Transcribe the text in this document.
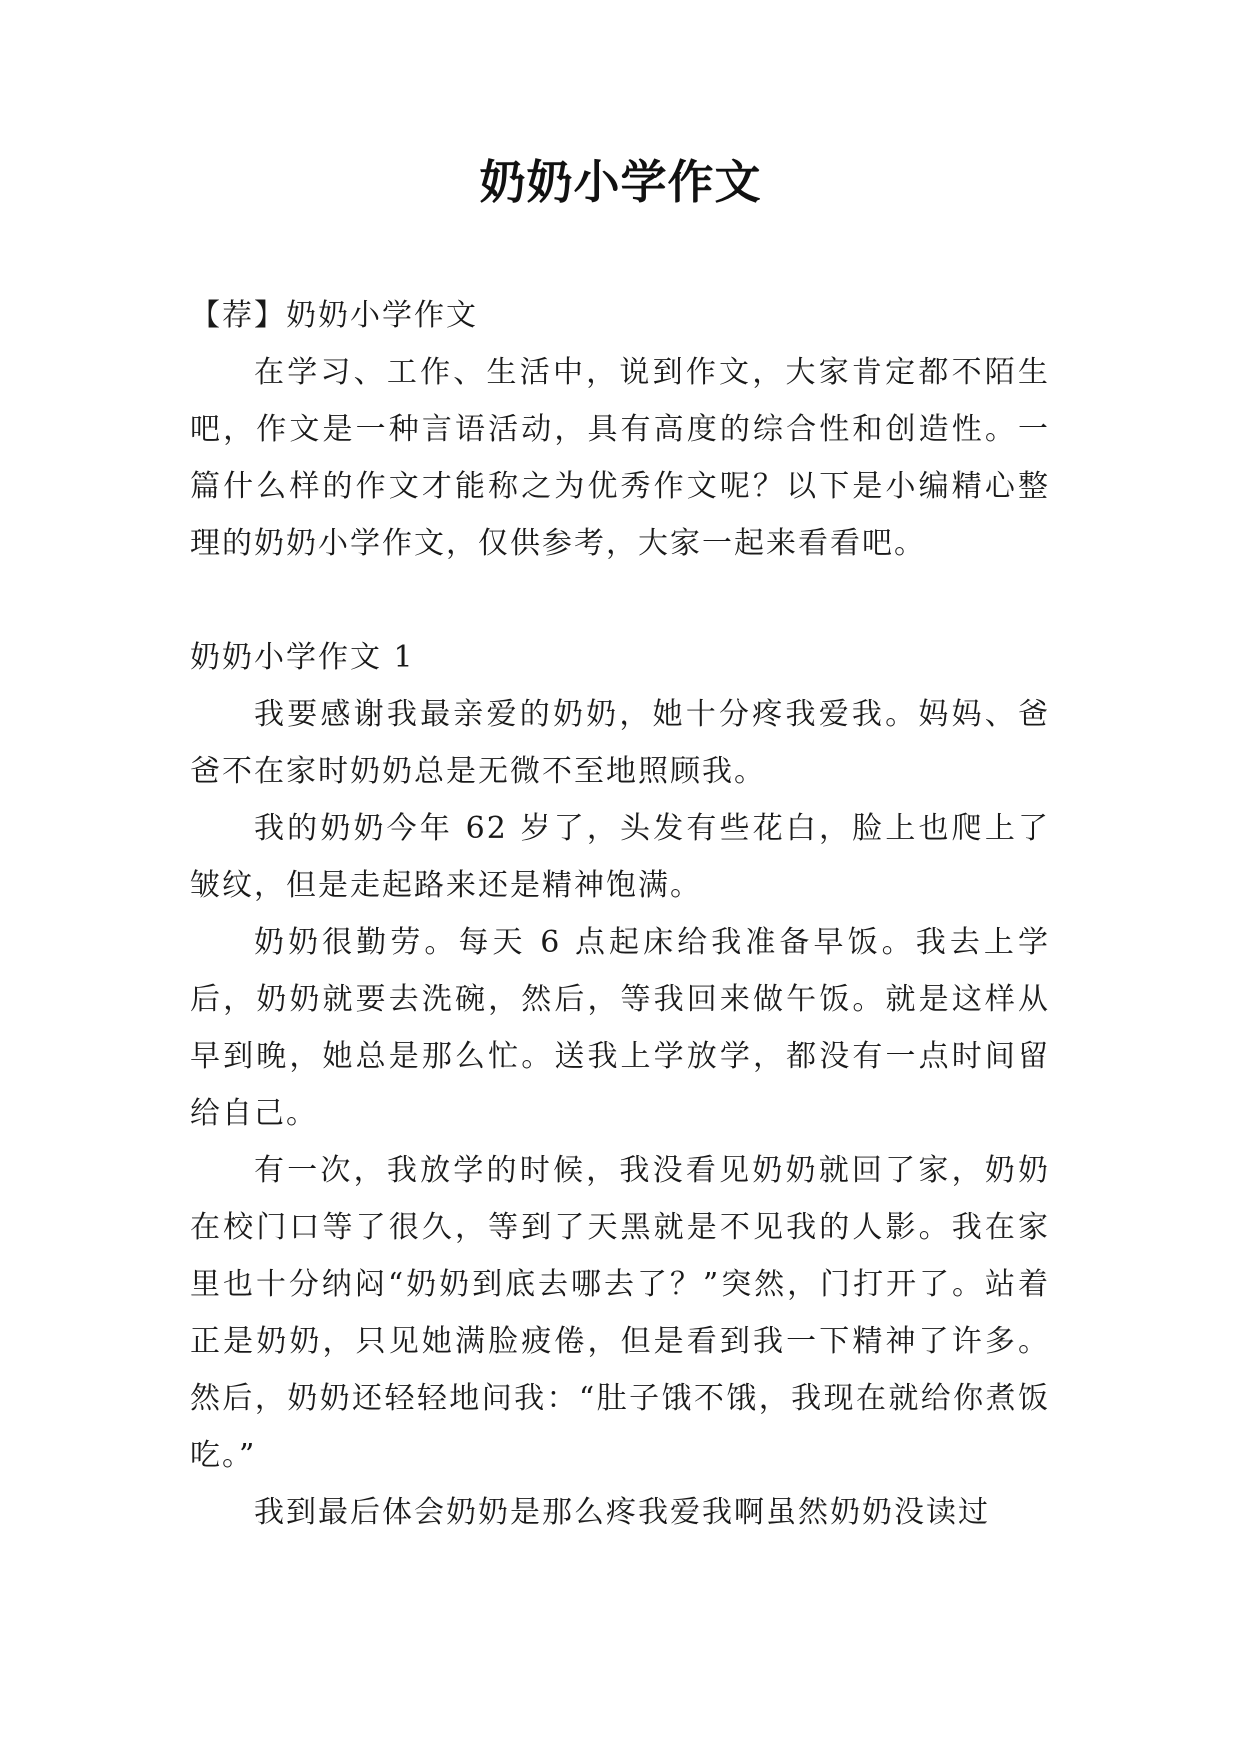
奶奶小学作文

【荐】奶奶小学作文

在学习、工作、生活中，说到作文，大家肯定都不陌生吧，作文是一种言语活动，具有高度的综合性和创造性。一篇什么样的作文才能称之为优秀作文呢？以下是小编精心整理的奶奶小学作文，仅供参考，大家一起来看看吧。

奶奶小学作文 1

我要感谢我最亲爱的奶奶，她十分疼我爱我。妈妈、爸爸不在家时奶奶总是无微不至地照顾我。

我的奶奶今年 62 岁了，头发有些花白，脸上也爬上了皱纹，但是走起路来还是精神饱满。

奶奶很勤劳。每天 6 点起床给我准备早饭。我去上学后，奶奶就要去洗碗，然后，等我回来做午饭。就是这样从早到晚，她总是那么忙。送我上学放学，都没有一点时间留给自己。

有一次，我放学的时候，我没看见奶奶就回了家，奶奶在校门口等了很久，等到了天黑就是不见我的人影。我在家里也十分纳闷“奶奶到底去哪去了？”突然，门打开了。站着正是奶奶，只见她满脸疲倦，但是看到我一下精神了许多。然后，奶奶还轻轻地问我：“肚子饿不饿，我现在就给你煮饭吃。”

我到最后体会奶奶是那么疼我爱我啊虽然奶奶没读过
